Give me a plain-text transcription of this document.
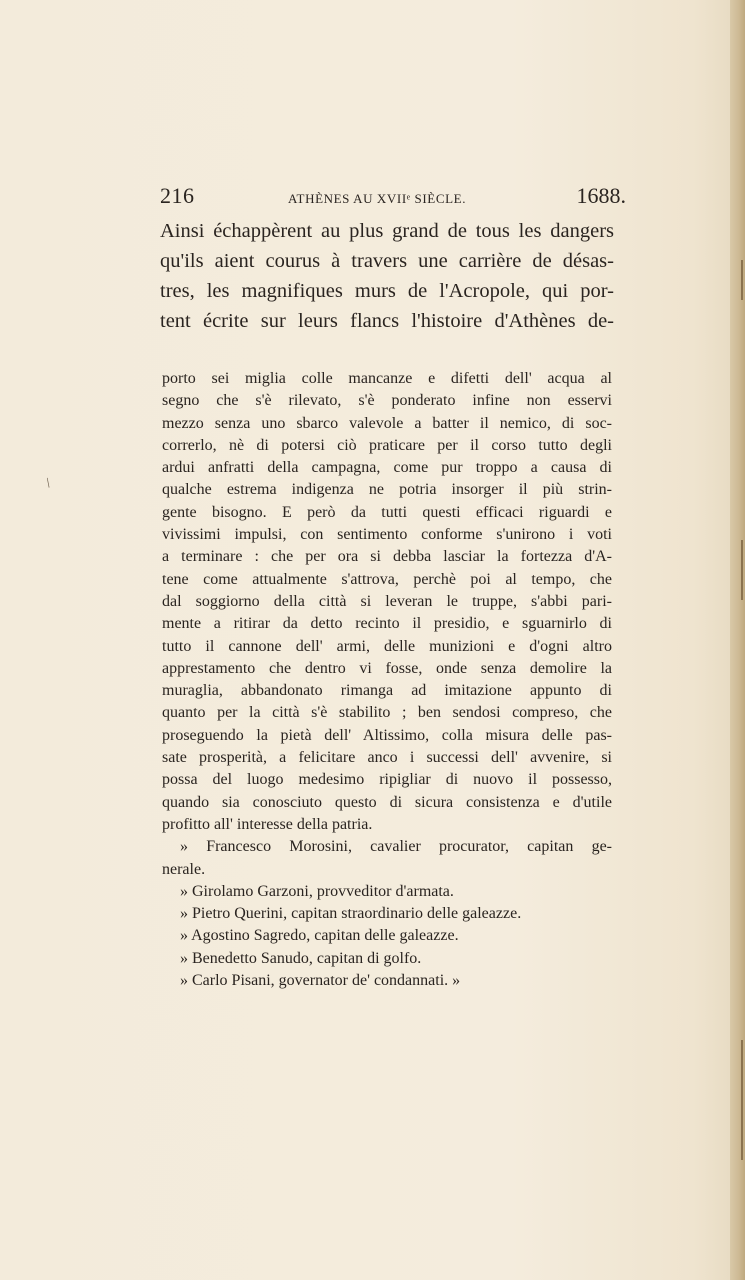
216	ATHÈNES AU XVIIᵉ SIÈCLE.	1688.
Ainsi échappèrent au plus grand de tous les dangers
qu'ils aient courus à travers une carrière de désas-
tres, les magnifiques murs de l'Acropole, qui por-
tent écrite sur leurs flancs l'histoire d'Athènes de-
porto sei miglia colle mancanze e difetti dell' acqua al
segno che s'è rilevato, s'è ponderato infine non esservi
mezzo senza uno sbarco valevole a batter il nemico, di soc-
correrlo, nè di potersi ciò praticare per il corso tutto degli
ardui anfratti della campagna, come pur troppo a causa di
qualche estrema indigenza ne potria insorger il più strin-
gente bisogno. E però da tutti questi efficaci riguardi e
vivissimi impulsi, con sentimento conforme s'unirono i voti
a terminare : che per ora si debba lasciar la fortezza d'A-
tene come attualmente s'attrova, perchè poi al tempo, che
dal soggiorno della città si leveran le truppe, s'abbi pari-
mente a ritirar da detto recinto il presidio, e sguarnirlo di
tutto il cannone dell' armi, delle munizioni e d'ogni altro
apprestamento che dentro vi fosse, onde senza demolire la
muraglia, abbandonato rimanga ad imitazione appunto di
quanto per la città s'è stabilito ; ben sendosi compreso, che
proseguendo la pietà dell' Altissimo, colla misura delle pas-
sate prosperità, a felicitare anco i successi dell' avvenire, si
possa del luogo medesimo ripigliar di nuovo il possesso,
quando sia conosciuto questo di sicura consistenza e d'utile
profitto all' interesse della patria.
» Francesco Morosini, cavalier procurator, capitan ge-
nerale.
» Girolamo Garzoni, provveditor d'armata.
» Pietro Querini, capitan straordinario delle galeazze.
» Agostino Sagredo, capitan delle galeazze.
» Benedetto Sanudo, capitan di golfo.
» Carlo Pisani, governator de' condannati. »
/
